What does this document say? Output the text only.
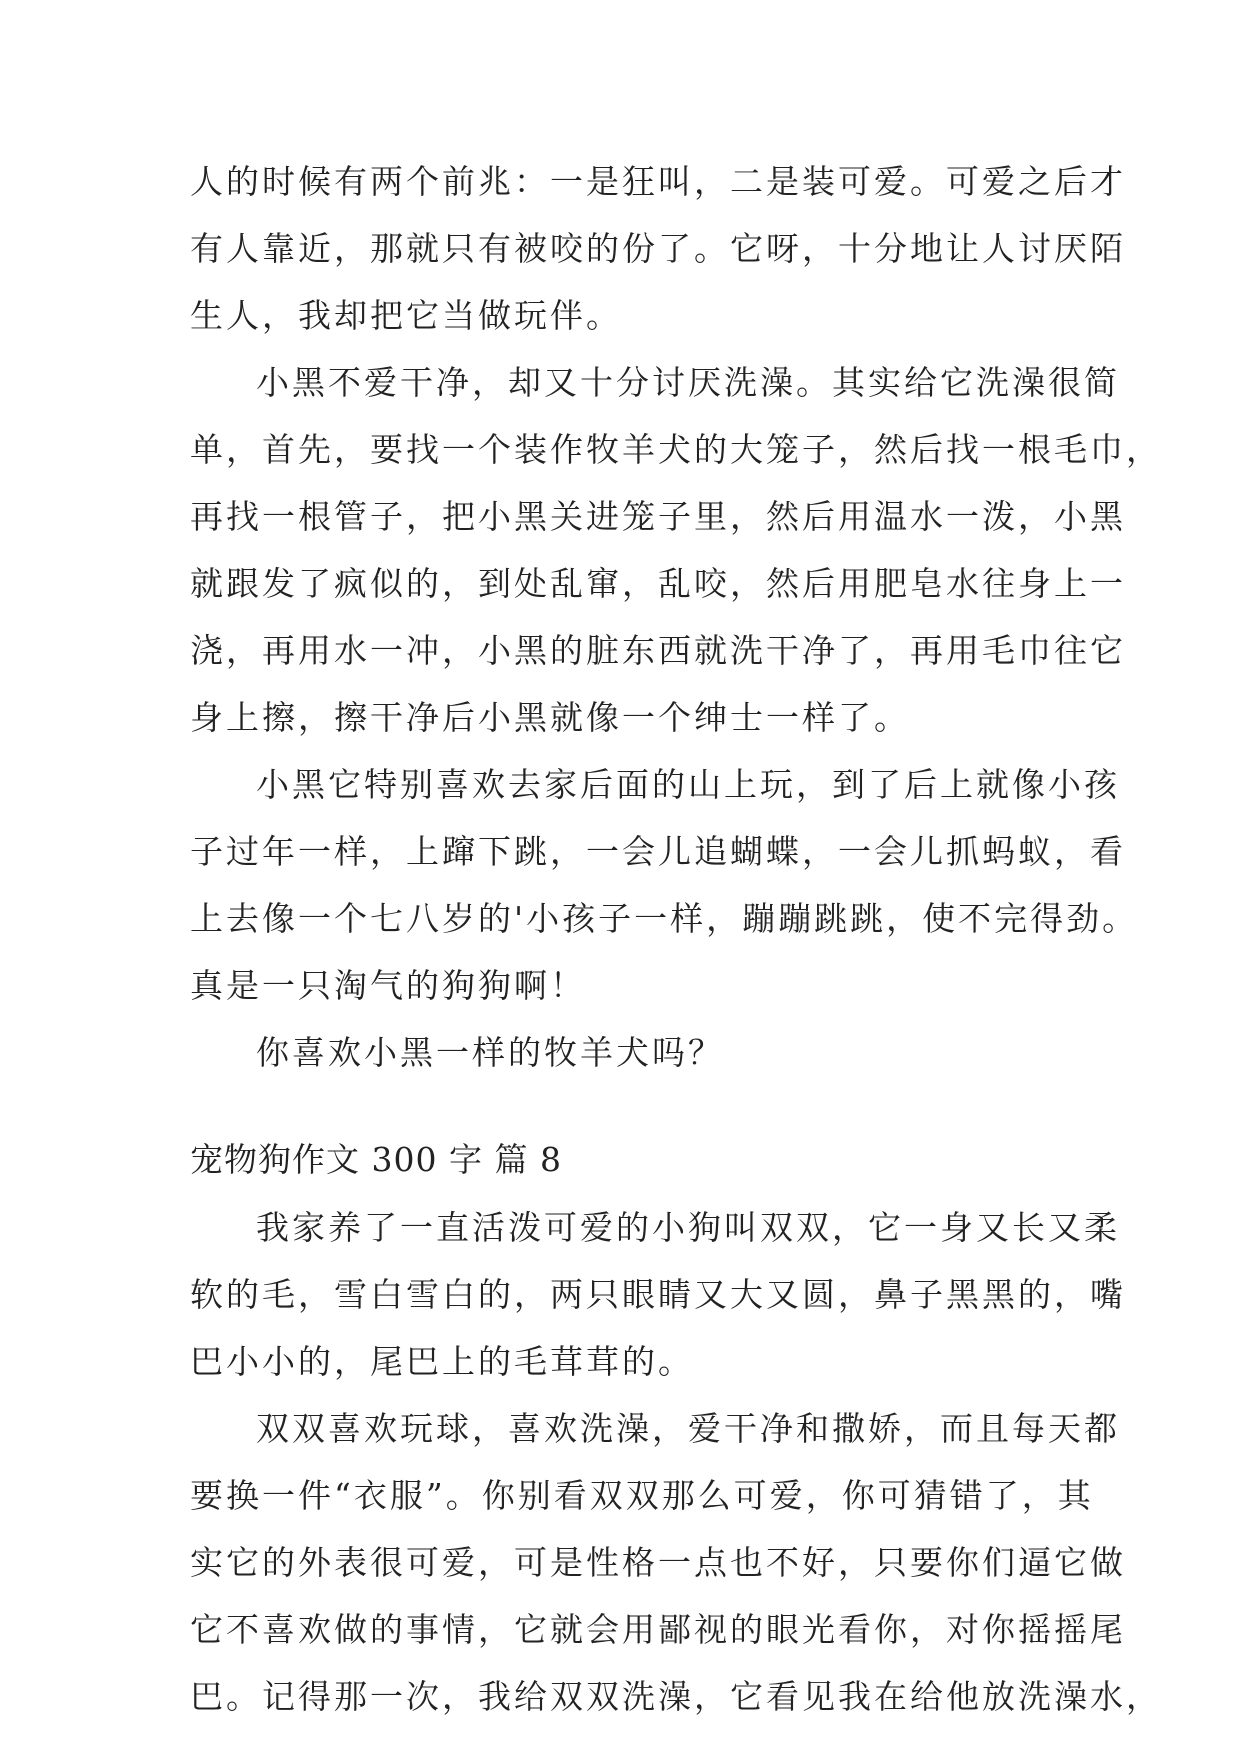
人的时候有两个前兆：一是狂叫，二是装可爱。可爱之后才
有人靠近，那就只有被咬的份了。它呀，十分地让人讨厌陌
生人，我却把它当做玩伴。
小黑不爱干净，却又十分讨厌洗澡。其实给它洗澡很简
单，首先，要找一个装作牧羊犬的大笼子，然后找一根毛巾，
再找一根管子，把小黑关进笼子里，然后用温水一泼，小黑
就跟发了疯似的，到处乱窜，乱咬，然后用肥皂水往身上一
浇，再用水一冲，小黑的脏东西就洗干净了，再用毛巾往它
身上擦，擦干净后小黑就像一个绅士一样了。
小黑它特别喜欢去家后面的山上玩，到了后上就像小孩
子过年一样，上蹿下跳，一会儿追蝴蝶，一会儿抓蚂蚁，看
上去像一个七八岁的'小孩子一样，蹦蹦跳跳，使不完得劲。
真是一只淘气的狗狗啊！
你喜欢小黑一样的牧羊犬吗？
宠物狗作文 300 字 篇 8
我家养了一直活泼可爱的小狗叫双双，它一身又长又柔
软的毛，雪白雪白的，两只眼睛又大又圆，鼻子黑黑的，嘴
巴小小的，尾巴上的毛茸茸的。
双双喜欢玩球，喜欢洗澡，爱干净和撒娇，而且每天都
要换一件“衣服”。你别看双双那么可爱，你可猜错了，其
实它的外表很可爱，可是性格一点也不好，只要你们逼它做
它不喜欢做的事情，它就会用鄙视的眼光看你，对你摇摇尾
巴。记得那一次，我给双双洗澡，它看见我在给他放洗澡水，
